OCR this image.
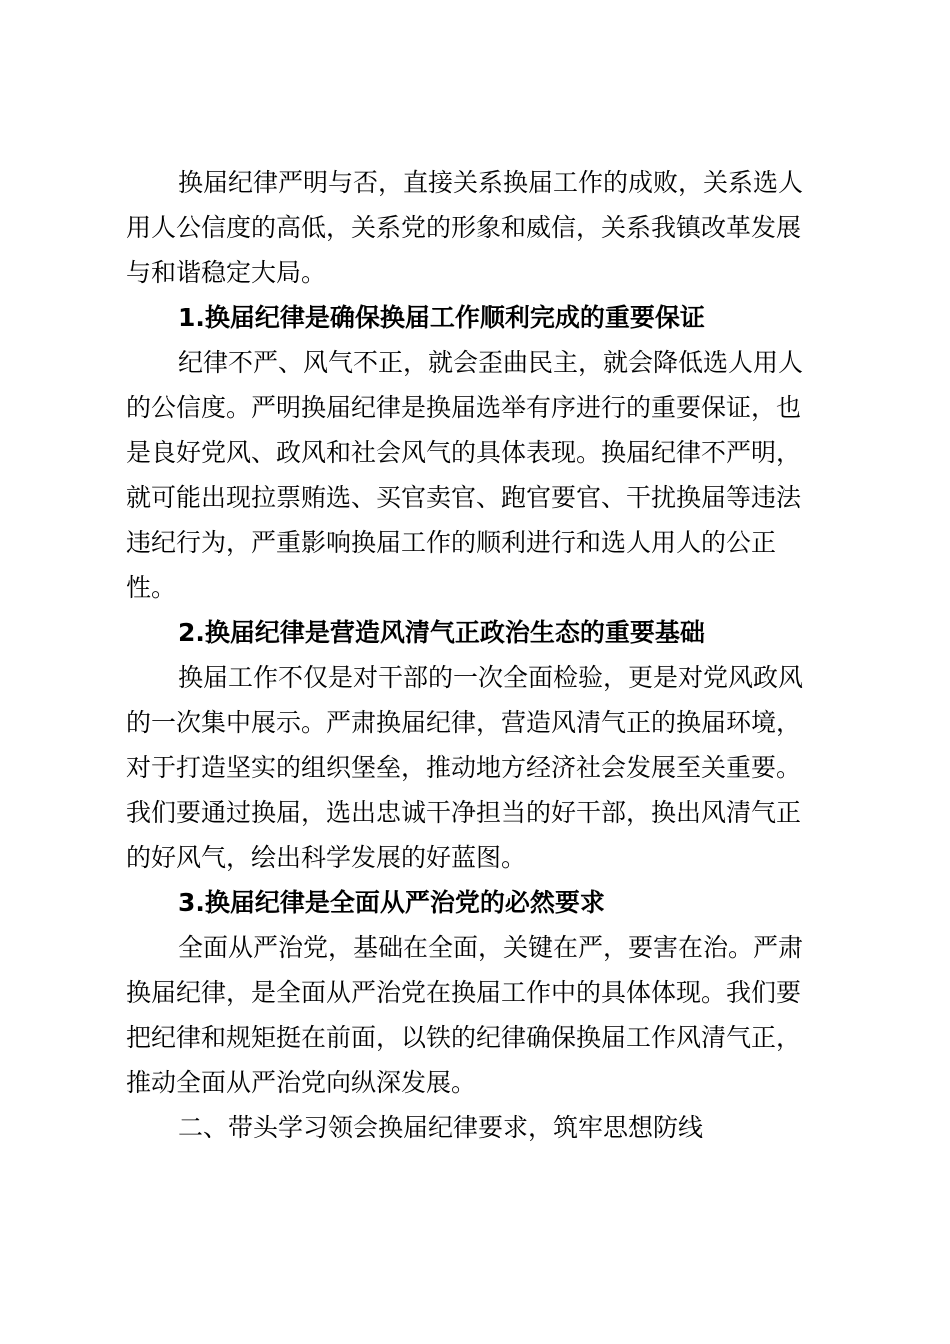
换届纪律严明与否，直接关系换届工作的成败，关系选人
用人公信度的高低，关系党的形象和威信，关系我镇改革发展
与和谐稳定大局。
1.换届纪律是确保换届工作顺利完成的重要保证
纪律不严、风气不正，就会歪曲民主，就会降低选人用人
的公信度。严明换届纪律是换届选举有序进行的重要保证，也
是良好党风、政风和社会风气的具体表现。换届纪律不严明，
就可能出现拉票贿选、买官卖官、跑官要官、干扰换届等违法
违纪行为，严重影响换届工作的顺利进行和选人用人的公正
性。
2.换届纪律是营造风清气正政治生态的重要基础
换届工作不仅是对干部的一次全面检验，更是对党风政风
的一次集中展示。严肃换届纪律，营造风清气正的换届环境，
对于打造坚实的组织堡垒，推动地方经济社会发展至关重要。
我们要通过换届，选出忠诚干净担当的好干部，换出风清气正
的好风气，绘出科学发展的好蓝图。
3.换届纪律是全面从严治党的必然要求
全面从严治党，基础在全面，关键在严，要害在治。严肃
换届纪律，是全面从严治党在换届工作中的具体体现。我们要
把纪律和规矩挺在前面，以铁的纪律确保换届工作风清气正，
推动全面从严治党向纵深发展。
二、带头学习领会换届纪律要求，筑牢思想防线
